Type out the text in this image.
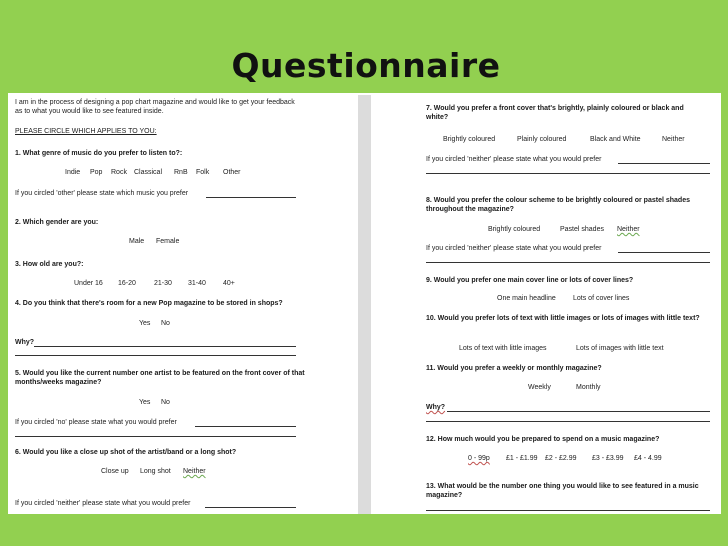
Questionnaire
I am in the process of designing a pop chart magazine and would like to get your feedback as to what you would like to see featured inside.
PLEASE CIRCLE WHICH APPLIES TO YOU:
1. What genre of music do you prefer to listen to?:
Indie Pop Rock Classical RnB Folk Other
If you circled 'other' please state which music you prefer
2. Which gender are you:
Male Female
3. How old are you?:
Under 16 16-20	21-30 31-40 40+
4. Do you think that there's room for a new Pop magazine to be stored in shops?
Yes No
Why?
5. Would you like the current number one artist to be featured on the front cover of that months/weeks magazine?
Yes No
If you circled 'no' please state what you would prefer
6. Would you like a close up shot of the artist/band or a long shot?
Close up Long shot Neither
If you circled 'neither' please state what you would prefer
7. Would you prefer a front cover that's brightly, plainly coloured or black and white?
Brightly coloured	Plainly coloured	Black and White	Neither
If you circled 'neither' please state what you would prefer
8. Would you prefer the colour scheme to be brightly coloured or pastel shades throughout the magazine?
Brightly coloured	Pastel shades Neither
If you circled 'neither' please state what you would prefer
9. Would you prefer one main cover line or lots of cover lines?
One main headline Lots of cover lines
10. Would you prefer lots of text with little images or lots of images with little text?
Lots of text with little images	Lots of images with little text
11. Would you prefer a weekly or monthly magazine?
Weekly	Monthly
Why?
12. How much would you be prepared to spend on a music magazine?
0 - 99p £1 - £1.99 £2 - £2.99 £3 - £3.99 £4 - 4.99
13. What would be the number one thing you would like to see featured in a music magazine?
